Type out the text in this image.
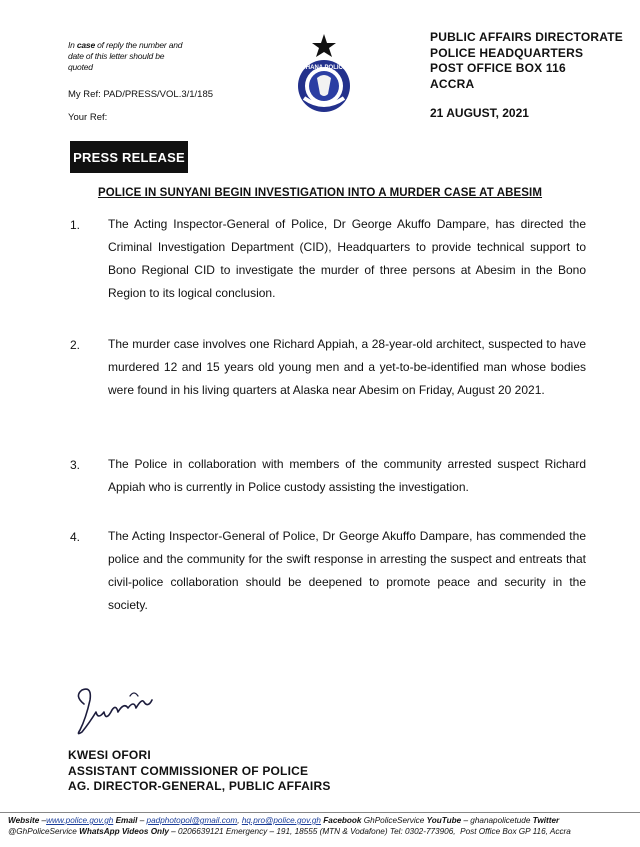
In case of reply the number and date of this letter should be quoted
My Ref: PAD/PRESS/VOL.3/1/185
Your Ref:
GHANA POLICE
PUBLIC AFFAIRS DIRECTORATE
POLICE HEADQUARTERS
POST OFFICE BOX 116
ACCRA
21 AUGUST, 2021
PRESS RELEASE
POLICE IN SUNYANI BEGIN INVESTIGATION INTO A MURDER CASE AT ABESIM
1. The Acting Inspector-General of Police, Dr George Akuffo Dampare, has directed the Criminal Investigation Department (CID), Headquarters to provide technical support to Bono Regional CID to investigate the murder of three persons at Abesim in the Bono Region to its logical conclusion.
2. The murder case involves one Richard Appiah, a 28-year-old architect, suspected to have murdered 12 and 15 years old young men and a yet-to-be-identified man whose bodies were found in his living quarters at Alaska near Abesim on Friday, August 20 2021.
3. The Police in collaboration with members of the community arrested suspect Richard Appiah who is currently in Police custody assisting the investigation.
4. The Acting Inspector-General of Police, Dr George Akuffo Dampare, has commended the police and the community for the swift response in arresting the suspect and entreats that civil-police collaboration should be deepened to promote peace and security in the society.
KWESI OFORI
ASSISTANT COMMISSIONER OF POLICE
AG. DIRECTOR-GENERAL, PUBLIC AFFAIRS
Website –www.police.gov.gh Email – padphotopol@gmail.com, hq.pro@police.gov.gh Facebook GhPoliceService YouTube – ghanapolicetude Twitter
@GhPoliceService WhatsApp Videos Only – 0206639121 Emergency – 191, 18555 (MTN & Vodafone) Tel: 0302-773906, Post Office Box GP 116, Accra
